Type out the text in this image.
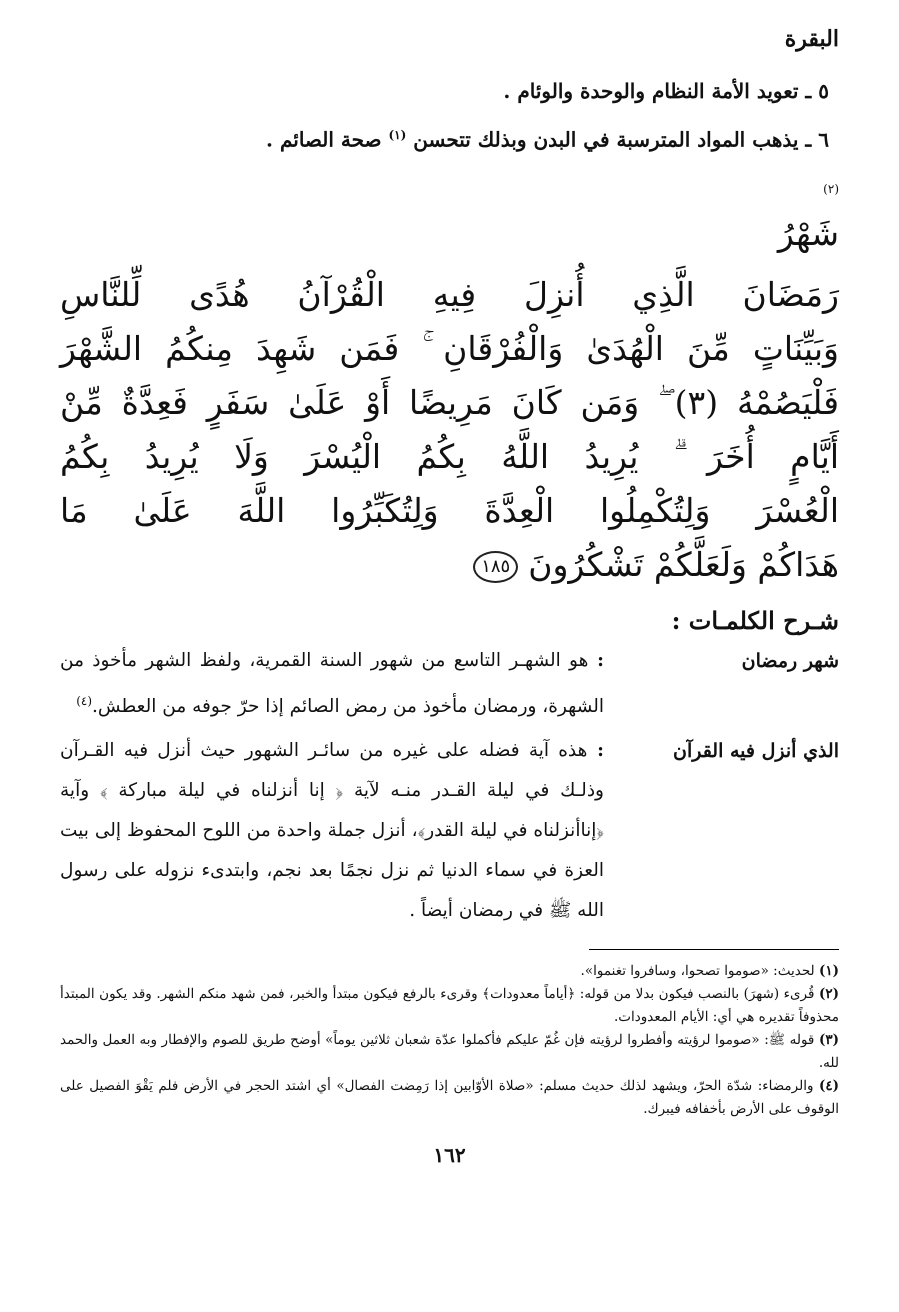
البقرة
٥ ـ تعويد الأمة النظام والوحدة والوئام .
٦ ـ يذهب المواد المترسبة في البدن وبذلك تتحسن $^{(١)}$ صحة الصائم .
$^{(٢)}$
شَهْرُ
رَمَضَانَ الَّذِي أُنزِلَ فِيهِ الْقُرْآنُ هُدًى لِّلنَّاسِ
وَبَيِّنَاتٍ مِّنَ الْهُدَىٰ وَالْفُرْقَانِ ۚ فَمَن شَهِدَ مِنكُمُ الشَّهْرَ
فَلْيَصُمْهُ (٣) ۖ وَمَن كَانَ مَرِيضًا أَوْ عَلَىٰ سَفَرٍ فَعِدَّةٌ مِّنْ
أَيَّامٍ أُخَرَ ۗ يُرِيدُ اللَّهُ بِكُمُ الْيُسْرَ وَلَا يُرِيدُ بِكُمُ
الْعُسْرَ وَلِتُكْمِلُوا الْعِدَّةَ وَلِتُكَبِّرُوا اللَّهَ عَلَىٰ مَا
هَدَاكُمْ وَلَعَلَّكُمْ تَشْكُرُونَ١٨٥
شـرح الكلمـات :
شهر رمضان
: هو الشهـر التاسع من شهور السنة القمرية، ولفظ الشهر مأخوذ من الشهرة، ورمضان مأخوذ من رمض الصائم إذا حرّ جوفه من العطش.$^{(٤)}$
الذي أنزل فيه القرآن
: هذه آية فضله على غيره من سائـر الشهور حيث أنزل فيه القـرآن وذلـك في ليلة القـدر منـه لآية ﴿ إنا أنزلناه في ليلة مباركة ﴾ وآية ﴿إناأنزلناه في ليلة القدر﴾، أنزل جملة واحدة من اللوح المحفوظ إلى بيت العزة في سماء الدنيا ثم نزل نجمًا بعد نجم، وابتدىء نزوله على رسول الله ﷺ في رمضان أيضاً .
(١) لحديث: «صوموا تصحوا، وسافروا تغنموا».
(٢) قُرىء (شهرَ) بالنصب فيكون بدلا من قوله: ﴿أياماً معدودات﴾ وقرىء بالرفع فيكون مبتدأ والخبر، فمن شهد منكم الشهر. وقد يكون المبتدأ محذوفاً تقديره هي أي: الأيام المعدودات.
(٣) قوله ﷺ: «صوموا لرؤيته وأفطروا لرؤيته فإن غُمّ عليكم فأكملوا عدّة شعبان ثلاثين يوماً» أوضح طريق للصوم والإفطار وبه العمل والحمد لله.
(٤) والرمضاء: شدّة الحرّ، ويشهد لذلك حديث مسلم: «صلاة الأوّابين إذا رَمِضت الفصال» أي اشتد الحجر في الأرض فلم يَقْوَ الفصيل على الوقوف على الأرض بأخفافه فيبرك.
١٦٢
